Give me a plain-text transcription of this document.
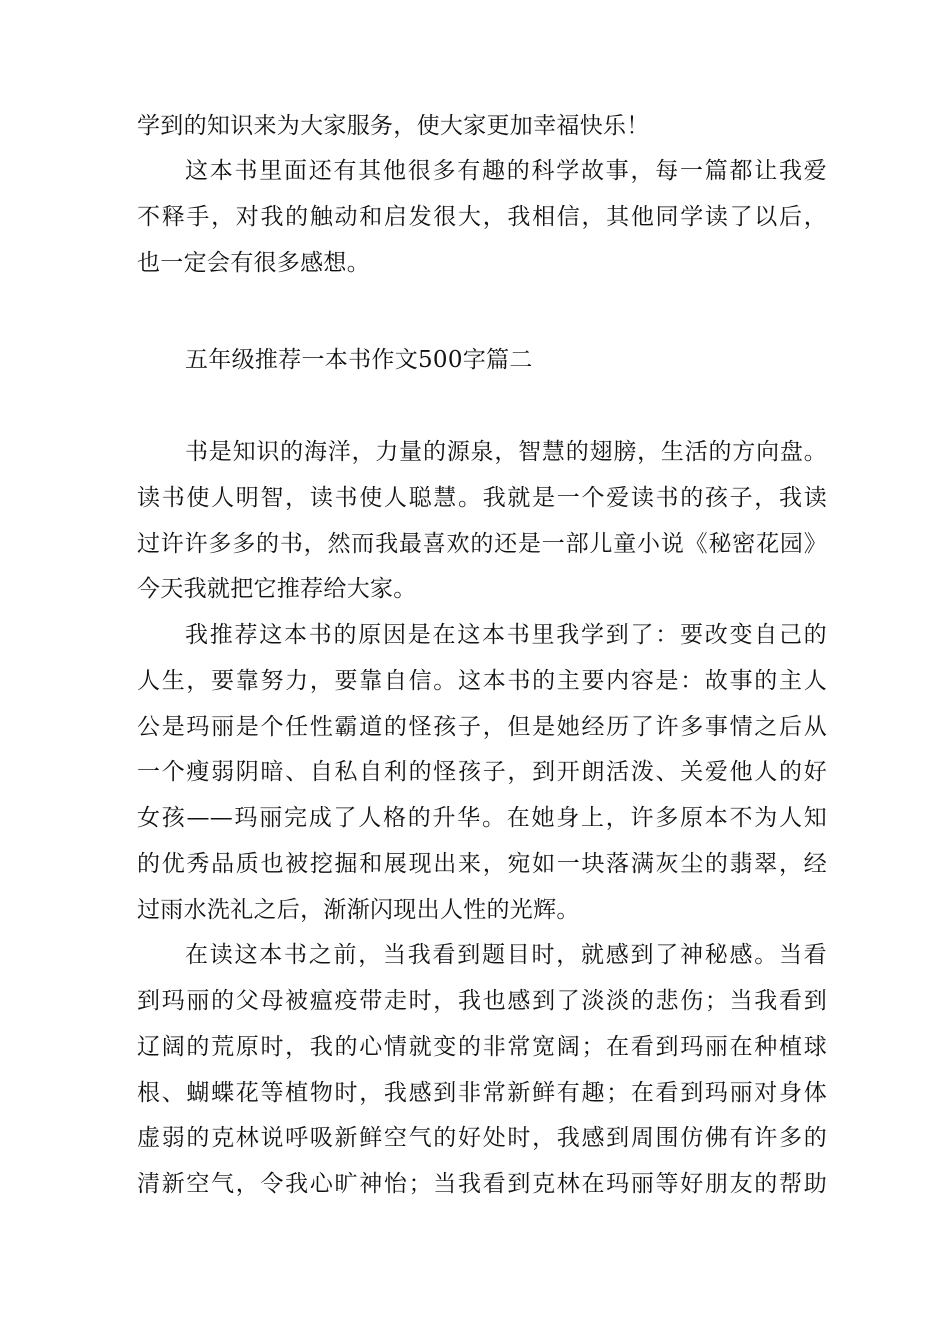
学到的知识来为大家服务，使大家更加幸福快乐！
这本书里面还有其他很多有趣的科学故事，每一篇都让我爱
不释手，对我的触动和启发很大，我相信，其他同学读了以后，
也一定会有很多感想。
五年级推荐一本书作文500字篇二
书是知识的海洋，力量的源泉，智慧的翅膀，生活的方向盘。
读书使人明智，读书使人聪慧。我就是一个爱读书的孩子，我读
过许许多多的书，然而我最喜欢的还是一部儿童小说《秘密花园》
今天我就把它推荐给大家。
我推荐这本书的原因是在这本书里我学到了：要改变自己的
人生，要靠努力，要靠自信。这本书的主要内容是：故事的主人
公是玛丽是个任性霸道的怪孩子，但是她经历了许多事情之后从
一个瘦弱阴暗、自私自利的怪孩子，到开朗活泼、关爱他人的好
女孩——玛丽完成了人格的升华。在她身上，许多原本不为人知
的优秀品质也被挖掘和展现出来，宛如一块落满灰尘的翡翠，经
过雨水洗礼之后，渐渐闪现出人性的光辉。
在读这本书之前，当我看到题目时，就感到了神秘感。当看
到玛丽的父母被瘟疫带走时，我也感到了淡淡的悲伤；当我看到
辽阔的荒原时，我的心情就变的非常宽阔；在看到玛丽在种植球
根、蝴蝶花等植物时，我感到非常新鲜有趣；在看到玛丽对身体
虚弱的克林说呼吸新鲜空气的好处时，我感到周围仿佛有许多的
清新空气，令我心旷神怡；当我看到克林在玛丽等好朋友的帮助
